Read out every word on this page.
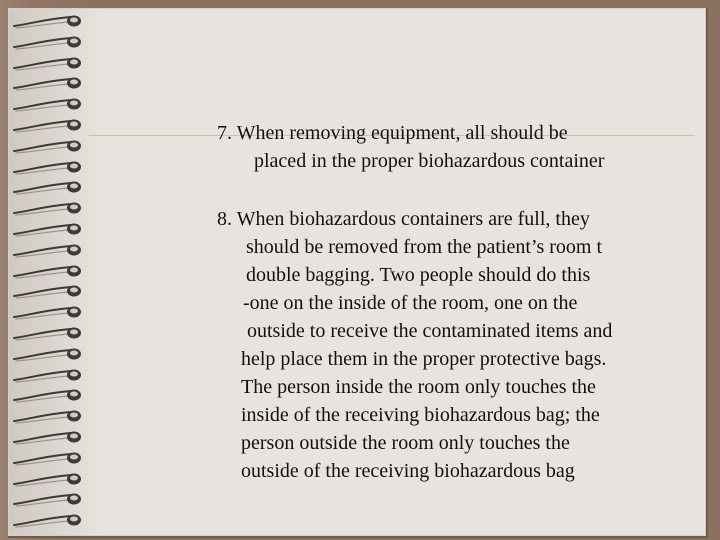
7. When removing equipment, all should be
placed in the proper biohazardous container
8. When biohazardous containers are full, they
should be removed from the patient’s room t
double bagging. Two people should do this
-one on the inside of the room, one on the
outside to receive the contaminated items and
help place them in the proper protective bags.
The person inside the room only touches the
inside of the receiving biohazardous bag; the
person outside the room only touches the
outside of the receiving biohazardous bag
